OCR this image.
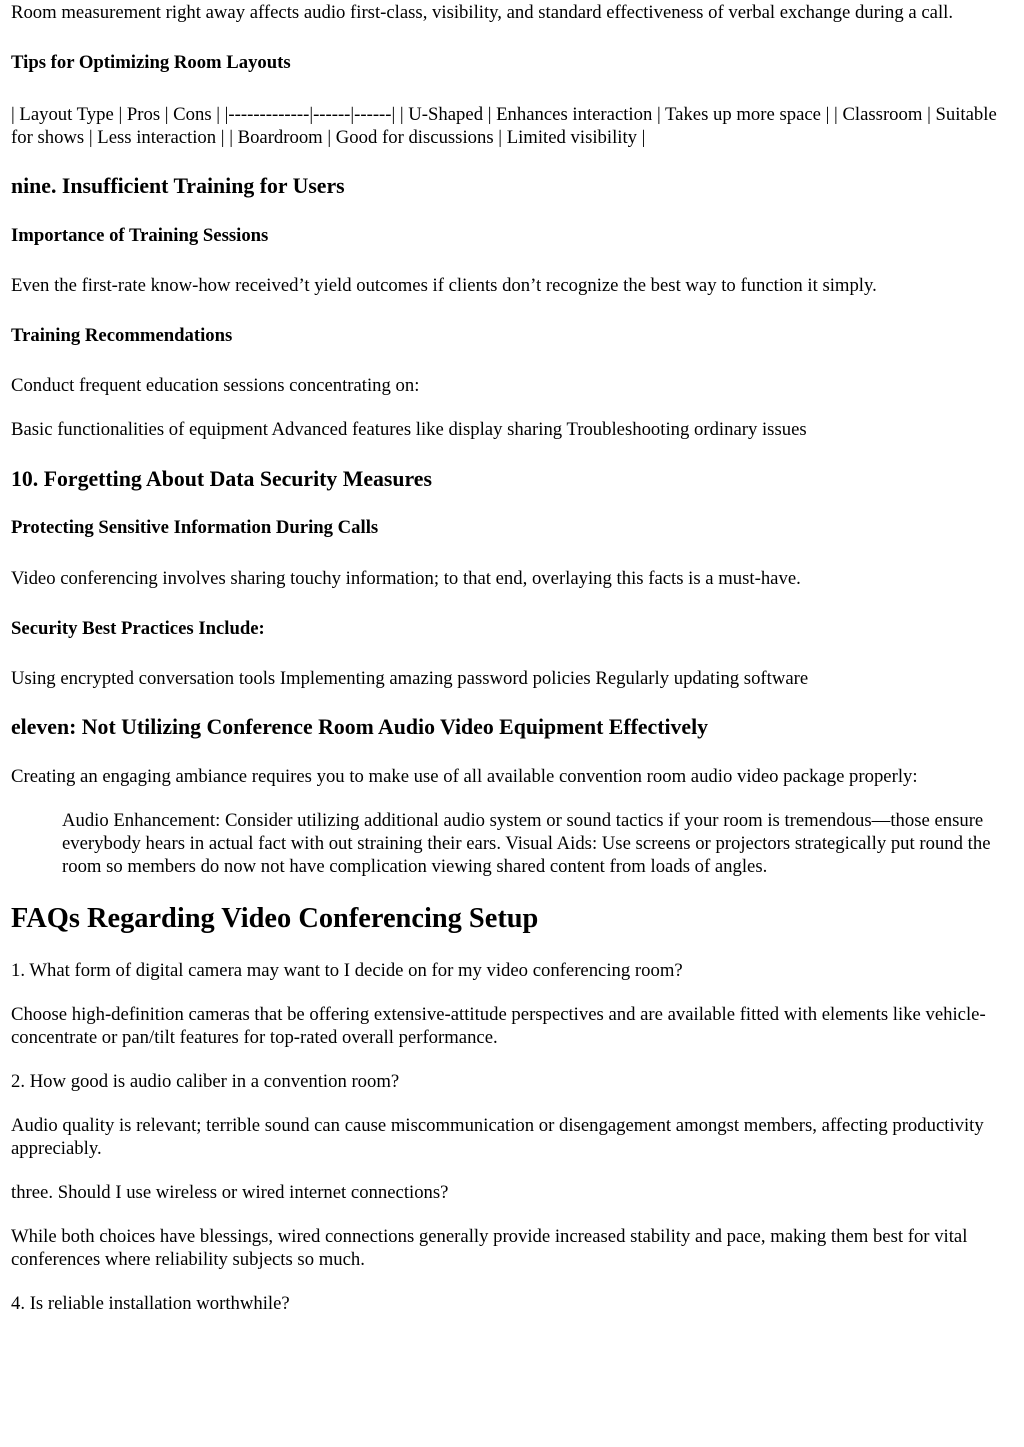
Room measurement right away affects audio first-class, visibility, and standard effectiveness of verbal exchange during a call.

Tips for Optimizing Room Layouts

| Layout Type | Pros | Cons | |-------------|------|------| | U-Shaped | Enhances interaction | Takes up more space | | Classroom | Suitable for shows | Less interaction | | Boardroom | Good for discussions | Limited visibility |

nine. Insufficient Training for Users

Importance of Training Sessions

Even the first-rate know-how received’t yield outcomes if clients don’t recognize the best way to function it simply.

Training Recommendations

Conduct frequent education sessions concentrating on:

Basic functionalities of equipment Advanced features like display sharing Troubleshooting ordinary issues

10. Forgetting About Data Security Measures

Protecting Sensitive Information During Calls

Video conferencing involves sharing touchy information; to that end, overlaying this facts is a must-have.

Security Best Practices Include:

Using encrypted conversation tools Implementing amazing password policies Regularly updating software

eleven: Not Utilizing Conference Room Audio Video Equipment Effectively

Creating an engaging ambiance requires you to make use of all available convention room audio video package properly:

Audio Enhancement: Consider utilizing additional audio system or sound tactics if your room is tremendous—those ensure everybody hears in actual fact with out straining their ears. Visual Aids: Use screens or projectors strategically put round the room so members do now not have complication viewing shared content from loads of angles.

FAQs Regarding Video Conferencing Setup

1. What form of digital camera may want to I decide on for my video conferencing room?

Choose high-definition cameras that be offering extensive-attitude perspectives and are available fitted with elements like vehicle-concentrate or pan/tilt features for top-rated overall performance.

2. How good is audio caliber in a convention room?

Audio quality is relevant; terrible sound can cause miscommunication or disengagement amongst members, affecting productivity appreciably.

three. Should I use wireless or wired internet connections?

While both choices have blessings, wired connections generally provide increased stability and pace, making them best for vital conferences where reliability subjects so much.

4. Is reliable installation worthwhile?
